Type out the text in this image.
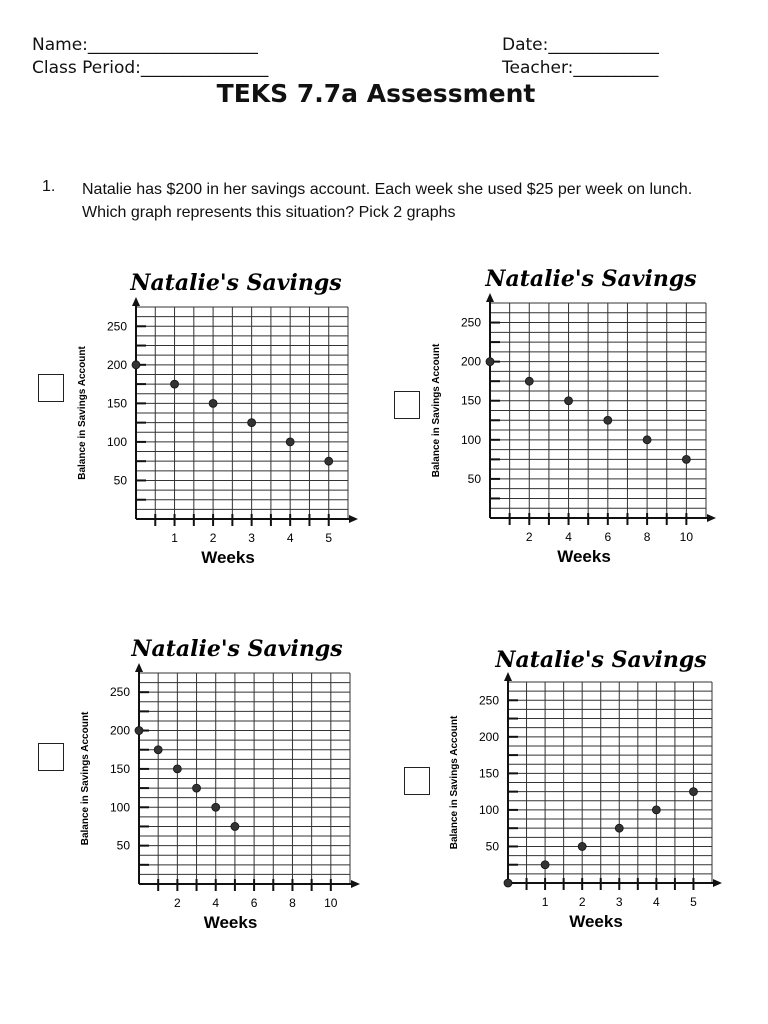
Name:____________________
Class Period:_______________
Date:_____________
Teacher:__________
TEKS 7.7a Assessment
1. Natalie has $200 in her savings account. Each week she used $25 per week on lunch. Which graph represents this situation? Pick 2 graphs
50
100
150
200
250
1	2	3	4	5
Weeks
Balance in Savings Account
Natalie's Savings
50
100
150
200
250
2	4	6	8 10
Weeks
Balance in Savings Account
Natalie's Savings
50
100
150
200
250
2	4	6	8 10
Weeks
Balance in Savings Account
Natalie's Savings
50
100
150
200
250
1	2	3	4	5
Weeks
Balance in Savings Account
Natalie's Savings
